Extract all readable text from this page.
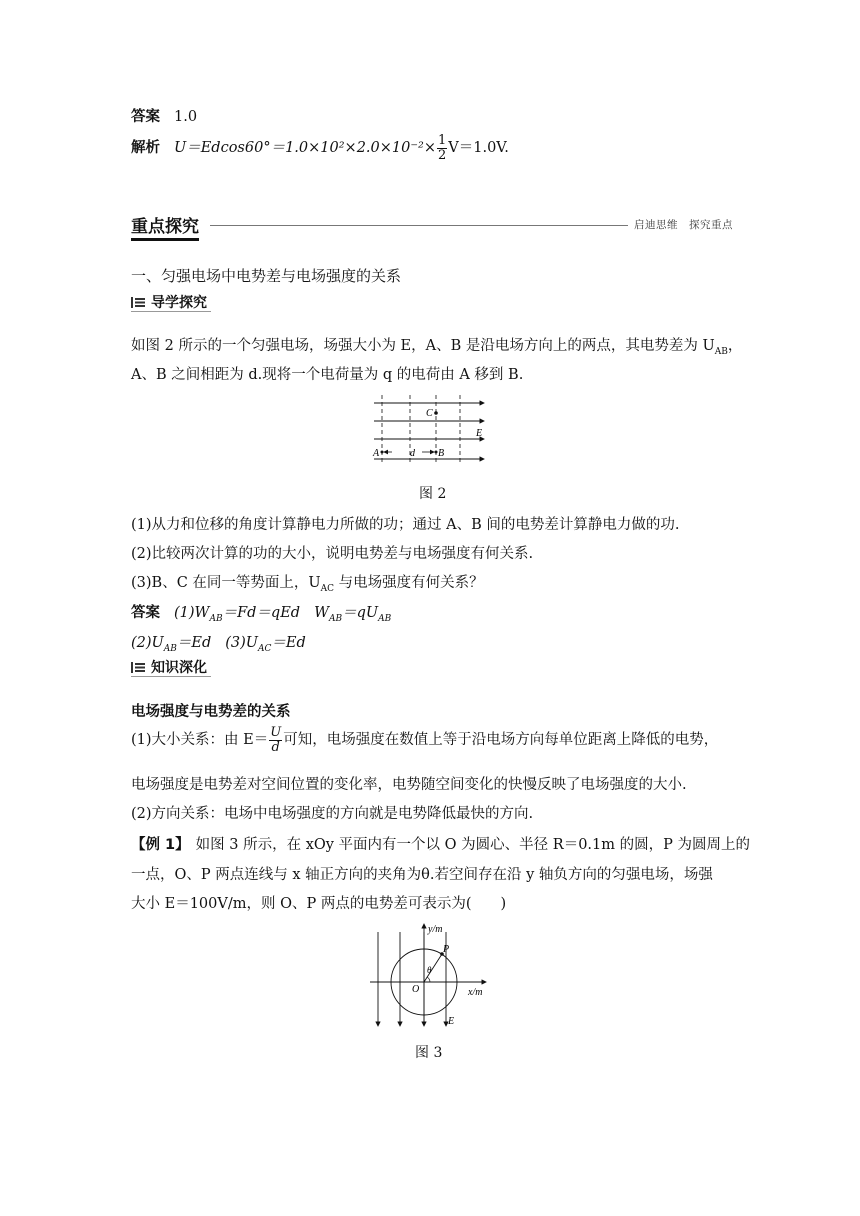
答案 1.0
解析 $U=Edcos60^\circ=1.0\times 10^2\times 2.0\times 10^{-2}\times \frac{1}{2} V=1.0V$.
重点探究	启迪思维　探究重点
一、匀强电场中电势差与电场强度的关系
导学探究
如图 2 所示的一个匀强电场，场强大小为 E，A、B 是沿电场方向上的两点，其电势差为 $U_{AB}$，
A、B 之间相距为 d.现将一个电荷量为 q 的电荷由 A 移到 B.
C
E
A	d B
图 2
(1)从力和位移的角度计算静电力所做的功；通过 A、B 间的电势差计算静电力做的功.
(2)比较两次计算的功的大小，说明电势差与电场强度有何关系.
(3)B、C 在同一等势面上，$U_{AC}$ 与电场强度有何关系？
答案 $(1)W_{AB}=Fd=qEd$ $W_{AB}=qU_{AB}$
$(2)U_{AB}=Ed$ $(3)U_{AC}=Ed$
知识深化
电场强度与电势差的关系
(1)大小关系：由 $E= \frac{U}{d}$ 可知，电场强度在数值上等于沿电场方向每单位距离上降低的电势，
电场强度是电势差对空间位置的变化率，电势随空间变化的快慢反映了电场强度的大小.
(2)方向关系：电场中电场强度的方向就是电势降低最快的方向.
【例 1】 如图 3 所示，在 xOy 平面内有一个以 O 为圆心、半径 R＝0.1m 的圆，P 为圆周上的
一点，O、P 两点连线与 x 轴正方向的夹角为θ.若空间存在沿 y 轴负方向的匀强电场，场强
大小 E＝100V/m，则 O、P 两点的电势差可表示为(　　)
y/m
x/m
P
O
θ
E
图 3
